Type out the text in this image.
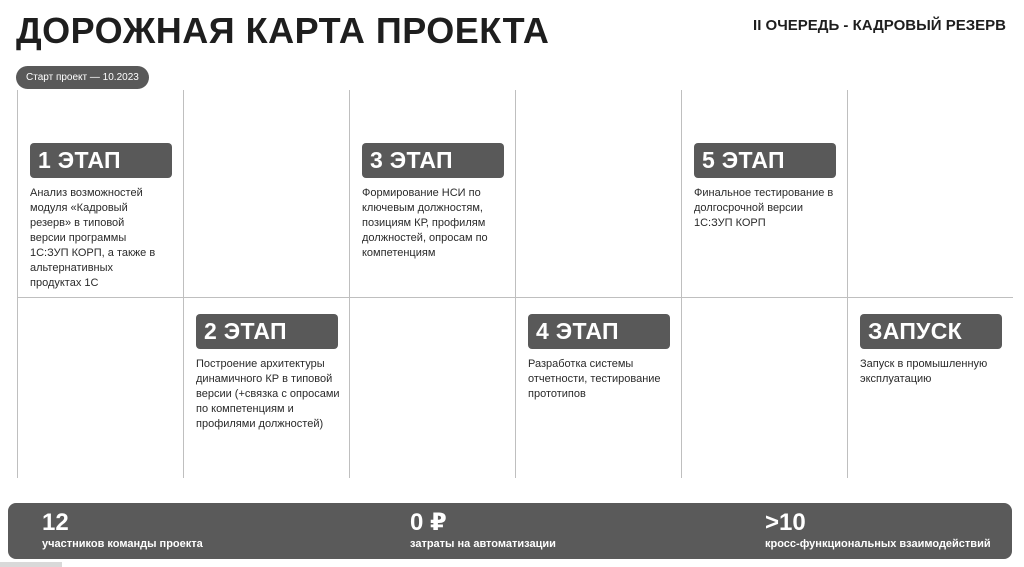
ДОРОЖНАЯ КАРТА ПРОЕКТА	II ОЧЕРЕДЬ - КАДРОВЫЙ РЕЗЕРВ
Старт проект — 10.2023
1 ЭТАП
Анализ возможностей модуля «Кадровый резерв» в типовой версии программы 1С:ЗУП КОРП, а также в альтернативных продуктах 1С
2 ЭТАП
Построение архитектуры динамичного КР в типовой версии (+связка с опросами по компетенциям и профилями должностей)
3 ЭТАП
Формирование НСИ по ключевым должностям, позициям КР, профилям должностей, опросам по компетенциям
4 ЭТАП
Разработка системы отчетности, тестирование прототипов
5 ЭТАП
Финальное тестирование в долгосрочной версии 1С:ЗУП КОРП
ЗАПУСК
Запуск в промышленную эксплуатацию
12
участников команды проекта
0 ₽
затраты на автоматизации
>10
кросс-функциональных взаимодействий
